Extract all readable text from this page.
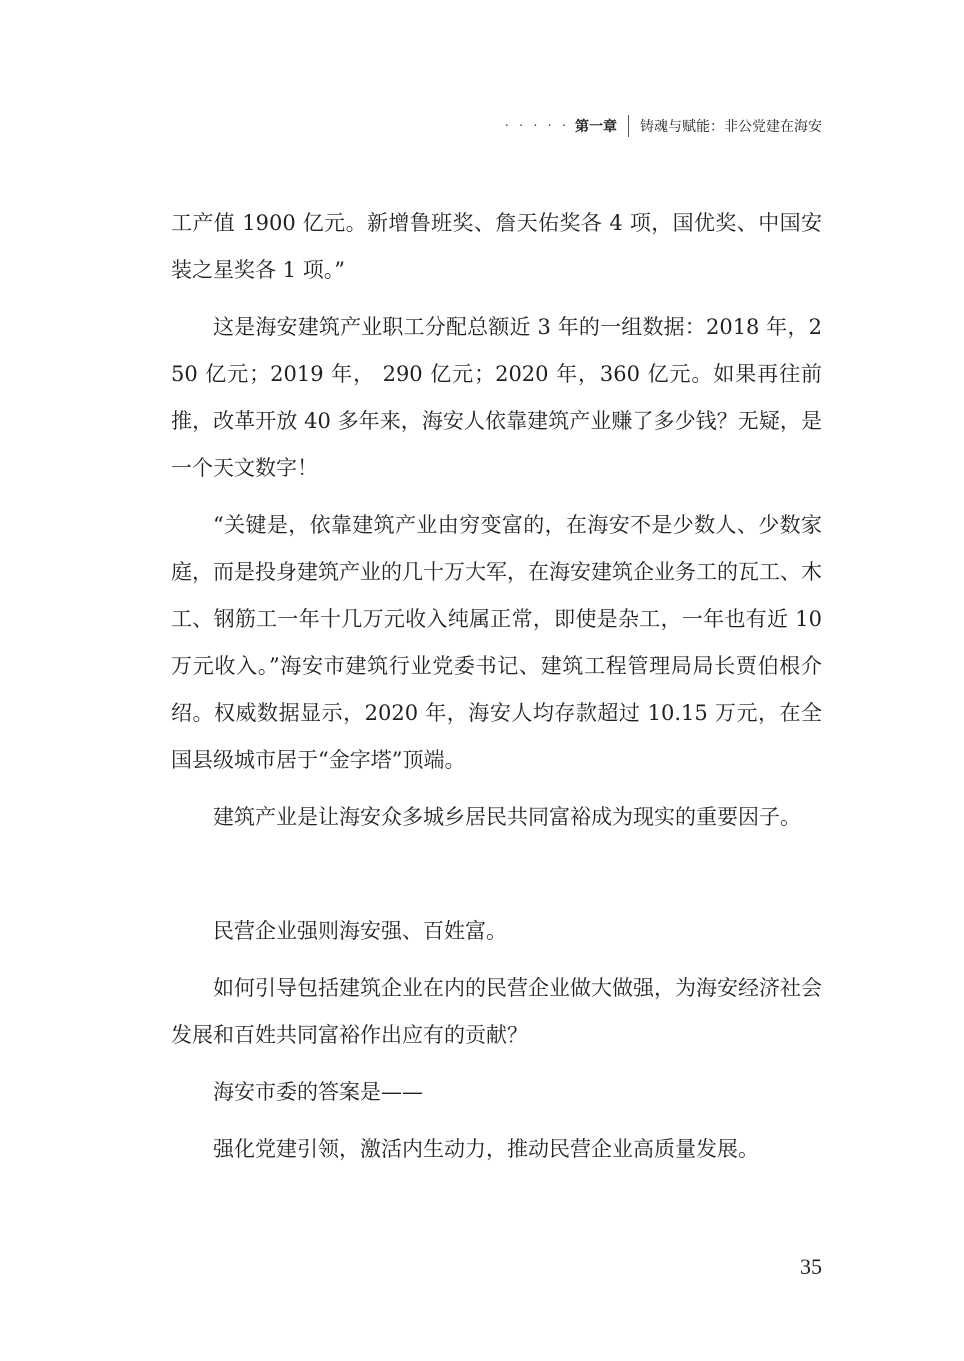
· · · · · 第一章 铸魂与赋能：非公党建在海安

工产值 1900 亿元。新增鲁班奖、詹天佑奖各 4 项，国优奖、中国安装之星奖各 1 项。”

这是海安建筑产业职工分配总额近 3 年的一组数据：2018 年，250 亿元；2019 年， 290 亿元；2020 年，360 亿元。如果再往前推，改革开放 40 多年来，海安人依靠建筑产业赚了多少钱？无疑，是一个天文数字！

“关键是，依靠建筑产业由穷变富的，在海安不是少数人、少数家庭，而是投身建筑产业的几十万大军，在海安建筑企业务工的瓦工、木工、钢筋工一年十几万元收入纯属正常，即使是杂工，一年也有近 10 万元收入。”海安市建筑行业党委书记、建筑工程管理局局长贾伯根介绍。权威数据显示，2020 年，海安人均存款超过 10.15 万元，在全国县级城市居于“金字塔”顶端。

建筑产业是让海安众多城乡居民共同富裕成为现实的重要因子。

民营企业强则海安强、百姓富。

如何引导包括建筑企业在内的民营企业做大做强，为海安经济社会发展和百姓共同富裕作出应有的贡献？

海安市委的答案是——

强化党建引领，激活内生动力，推动民营企业高质量发展。

35
